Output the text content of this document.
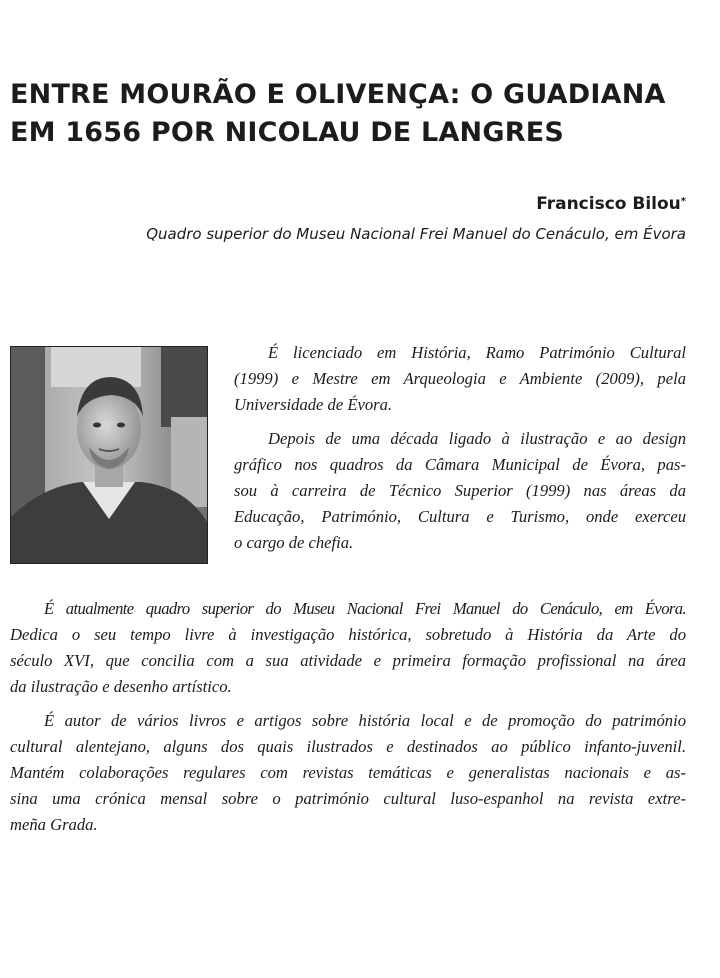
ENTRE MOURÃO E OLIVENÇA: O GUADIANA
EM 1656 POR NICOLAU DE LANGRES
Francisco Bilou*
Quadro superior do Museu Nacional Frei Manuel do Cenáculo, em Évora

É licenciado em História, Ramo Património Cultural
(1999) e Mestre em Arqueologia e Ambiente (2009), pela
Universidade de Évora.

Depois de uma década ligado à ilustração e ao design
gráfico nos quadros da Câmara Municipal de Évora, pas-
sou à carreira de Técnico Superior (1999) nas áreas da
Educação, Património, Cultura e Turismo, onde exerceu
o cargo de chefia.

É atualmente quadro superior do Museu Nacional Frei Manuel do Cenáculo, em Évora.
Dedica o seu tempo livre à investigação histórica, sobretudo à História da Arte do
século XVI, que concilia com a sua atividade e primeira formação profissional na área
da ilustração e desenho artístico.

É autor de vários livros e artigos sobre história local e de promoção do património
cultural alentejano, alguns dos quais ilustrados e destinados ao público infanto-juvenil.
Mantém colaborações regulares com revistas temáticas e generalistas nacionais e as-
sina uma crónica mensal sobre o património cultural luso-espanhol na revista extre-
meña Grada.
